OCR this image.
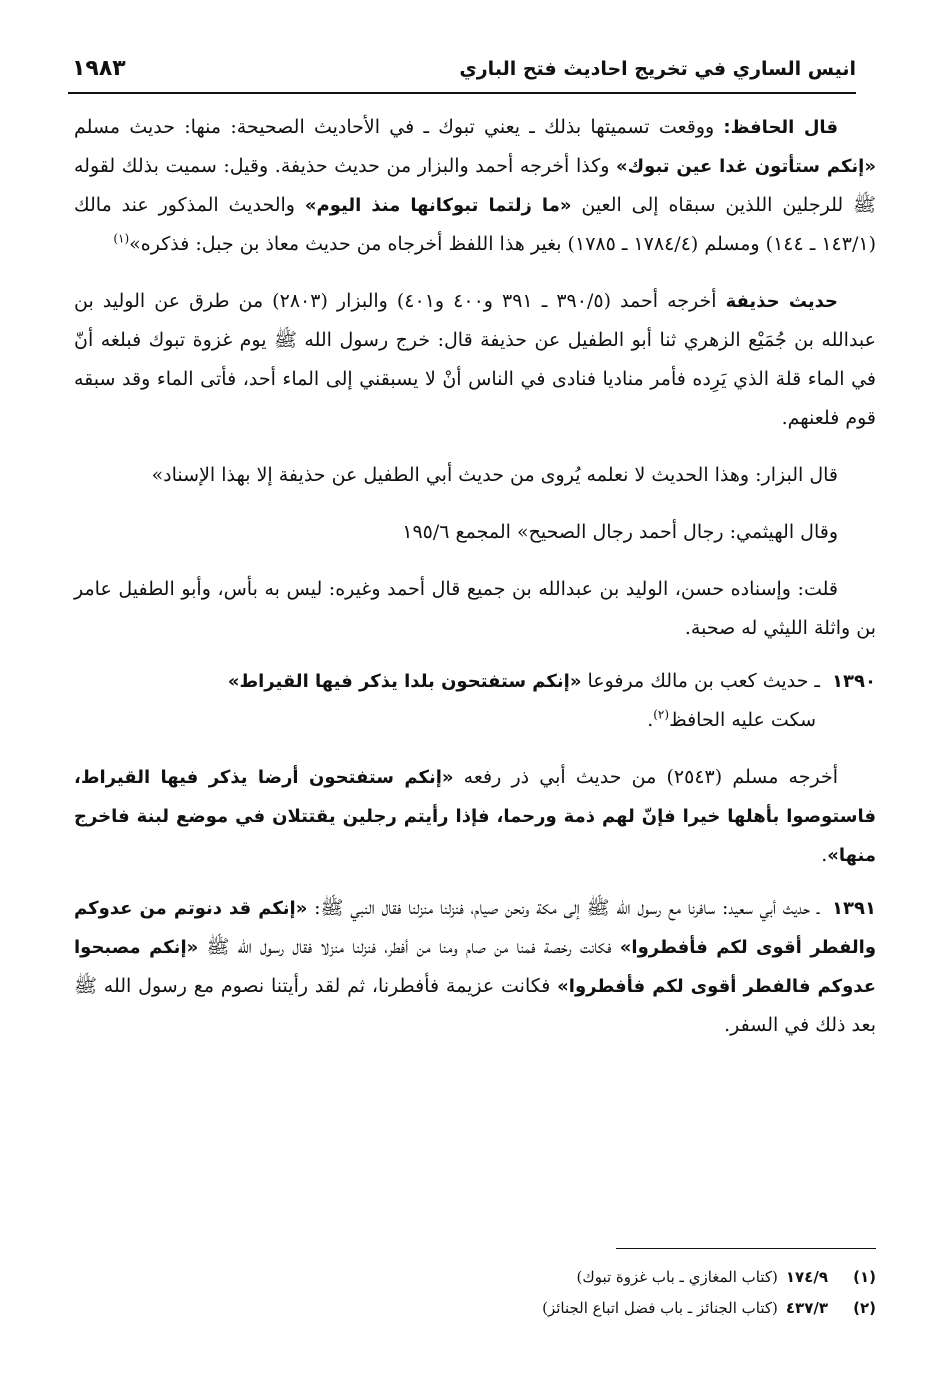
انيس الساري في تخريج احاديث فتح الباري
١٩٨٣

قال الحافظ: ووقعت تسميتها بذلك ـ يعني تبوك ـ في الأحاديث الصحيحة: منها: حديث مسلم «إنكم ستأتون غدا عين تبوك» وكذا أخرجه أحمد والبزار من حديث حذيفة. وقيل: سميت بذلك لقوله ﷺ للرجلين اللذين سبقاه إلى العين «ما زلتما تبوكانها منذ اليوم» والحديث المذكور عند مالك (١٤٣/١ ـ ١٤٤) ومسلم (١٧٨٤/٤ ـ ١٧٨٥) بغير هذا اللفظ أخرجاه من حديث معاذ بن جبل: فذكره»$^{(١)}$

حديث حذيفة أخرجه أحمد (٣٩٠/٥ ـ ٣٩١ و٤٠٠ و٤٠١) والبزار (٢٨٠٣) من طرق عن الوليد بن عبدالله بن جُمَيْع الزهري ثنا أبو الطفيل عن حذيفة قال: خرج رسول الله ﷺ يوم غزوة تبوك فبلغه أنّ في الماء قلة الذي يَرِده فأمر مناديا فنادى في الناس أنْ لا يسبقني إلى الماء أحد، فأتى الماء وقد سبقه قوم فلعنهم.

قال البزار: وهذا الحديث لا نعلمه يُروى من حديث أبي الطفيل عن حذيفة إلا بهذا الإسناد»

وقال الهيثمي: رجال أحمد رجال الصحيح» المجمع ١٩٥/٦

قلت: وإسناده حسن، الوليد بن عبدالله بن جميع قال أحمد وغيره: ليس به بأس، وأبو الطفيل عامر بن واثلة الليثي له صحبة.

١٣٩٠ ـ حديث كعب بن مالك مرفوعا «إنكم ستفتحون بلدا يذكر فيها القيراط»
سكت عليه الحافظ$^{(٢)}$.

أخرجه مسلم (٢٥٤٣) من حديث أبي ذر رفعه «إنكم ستفتحون أرضا يذكر فيها القيراط، فاستوصوا بأهلها خيرا فإنّ لهم ذمة ورحما، فإذا رأيتم رجلين يقتتلان في موضع لبنة فاخرج منها».

١٣٩١ ـ حديث أبي سعيد: سافرنا مع رسول الله ﷺ إلى مكة ونحن صيام، فنزلنا منزلنا فقال النبي ﷺ: «إنكم قد دنوتم من عدوكم والفطر أقوى لكم فأفطروا» فكانت رخصة فمنا من صام ومنا من أفطر، فنزلنا منزلا فقال رسول الله ﷺ «إنكم مصبحوا عدوكم فالفطر أقوى لكم فأفطروا» فكانت عزيمة فأفطرنا، ثم لقد رأيتنا نصوم مع رسول الله ﷺ بعد ذلك في السفر.
(١)
١٧٤/٩
(كتاب المغازي ـ باب غزوة تبوك)
(٢)
٤٣٧/٣
(كتاب الجنائز ـ باب فضل اتباع الجنائز)
